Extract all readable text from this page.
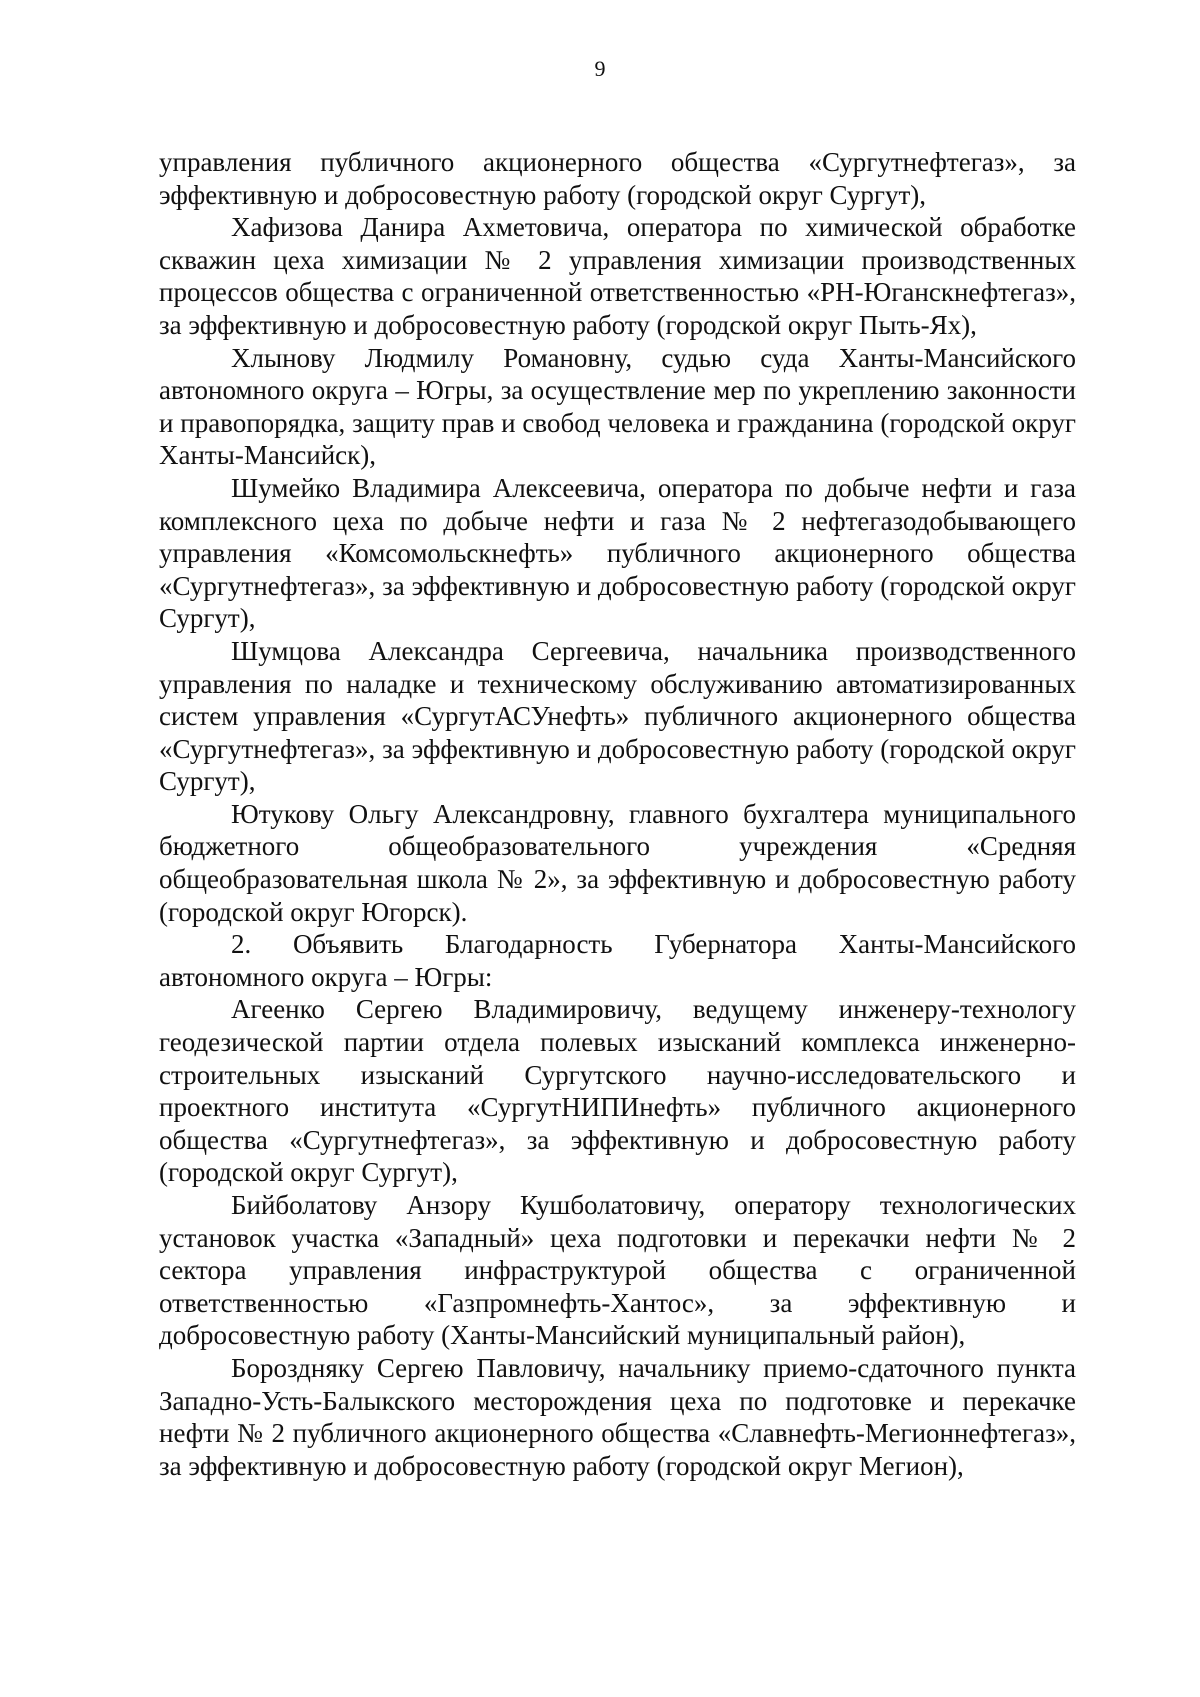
9

управления публичного акционерного общества «Сургутнефтегаз», за эффективную и добросовестную работу (городской округ Сургут),

Хафизова Данира Ахметовича, оператора по химической обработке скважин цеха химизации № 2 управления химизации производственных процессов общества с ограниченной ответственностью «РН-Юганскнефтегаз», за эффективную и добросовестную работу (городской округ Пыть-Ях),

Хлынову Людмилу Романовну, судью суда Ханты-Мансийского автономного округа – Югры, за осуществление мер по укреплению законности и правопорядка, защиту прав и свобод человека и гражданина (городской округ Ханты-Мансийск),

Шумейко Владимира Алексеевича, оператора по добыче нефти и газа комплексного цеха по добыче нефти и газа № 2 нефтегазодобывающего управления «Комсомольскнефть» публичного акционерного общества «Сургутнефтегаз», за эффективную и добросовестную работу (городской округ Сургут),

Шумцова Александра Сергеевича, начальника производственного управления по наладке и техническому обслуживанию автоматизированных систем управления «СургутАСУнефть» публичного акционерного общества «Сургутнефтегаз», за эффективную и добросовестную работу (городской округ Сургут),

Ютукову Ольгу Александровну, главного бухгалтера муниципального бюджетного общеобразовательного учреждения «Средняя общеобразовательная школа № 2», за эффективную и добросовестную работу (городской округ Югорск).

2. Объявить Благодарность Губернатора Ханты-Мансийского автономного округа – Югры:

Агеенко Сергею Владимировичу, ведущему инженеру-технологу геодезической партии отдела полевых изысканий комплекса инженерно-строительных изысканий Сургутского научно-исследовательского и проектного института «СургутНИПИнефть» публичного акционерного общества «Сургутнефтегаз», за эффективную и добросовестную работу (городской округ Сургут),

Бийболатову Анзору Кушболатовичу, оператору технологических установок участка «Западный» цеха подготовки и перекачки нефти № 2 сектора управления инфраструктурой общества с ограниченной ответственностью «Газпромнефть-Хантос», за эффективную и добросовестную работу (Ханты-Мансийский муниципальный район),

Бороздняку Сергею Павловичу, начальнику приемо-сдаточного пункта Западно-Усть-Балыкского месторождения цеха по подготовке и перекачке нефти № 2 публичного акционерного общества «Славнефть-Мегионнефтегаз», за эффективную и добросовестную работу (городской округ Мегион),
